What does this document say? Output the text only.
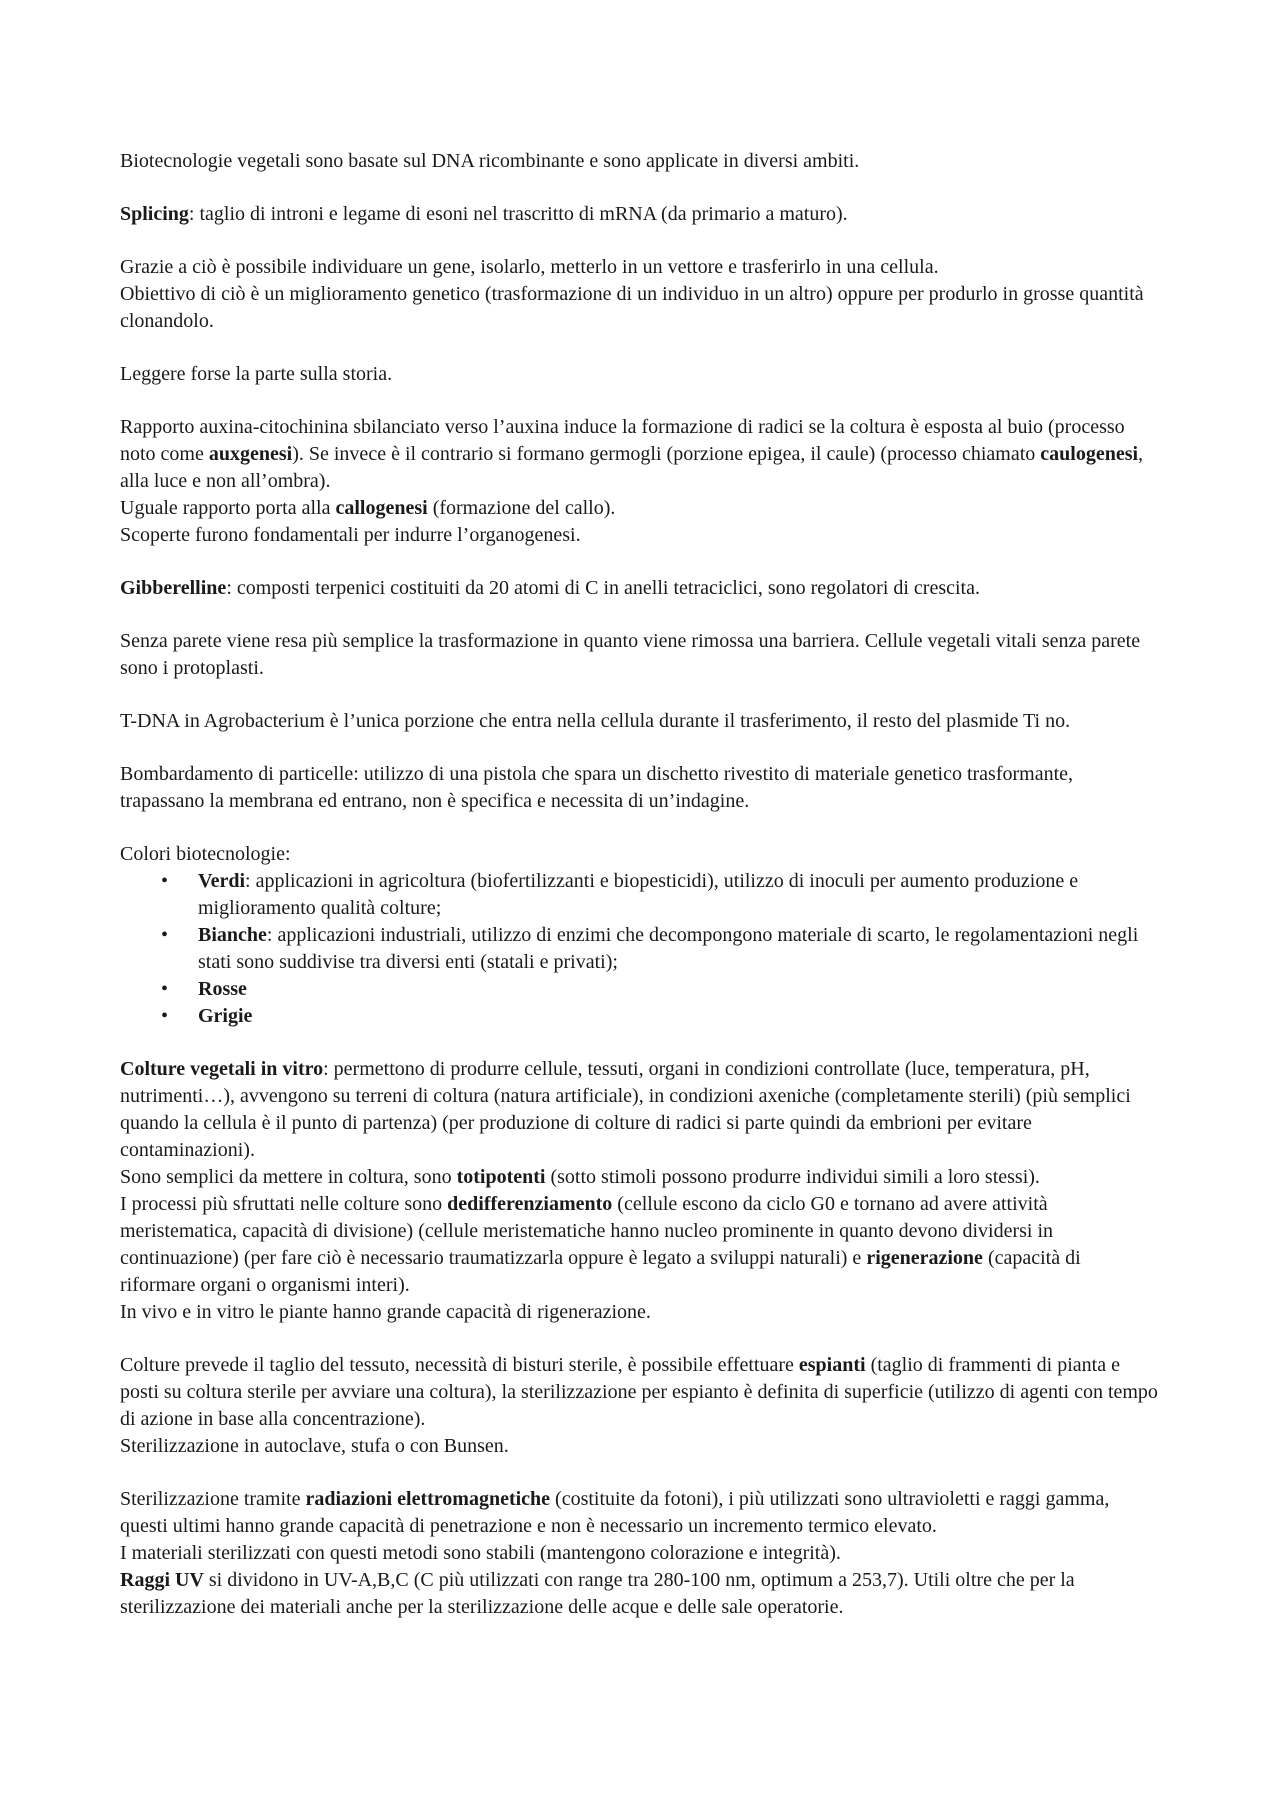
Biotecnologie vegetali sono basate sul DNA ricombinante e sono applicate in diversi ambiti.

Splicing: taglio di introni e legame di esoni nel trascritto di mRNA (da primario a maturo).

Grazie a ciò è possibile individuare un gene, isolarlo, metterlo in un vettore e trasferirlo in una cellula.
Obiettivo di ciò è un miglioramento genetico (trasformazione di un individuo in un altro) oppure per produrlo in grosse quantità clonandolo.

Leggere forse la parte sulla storia.

Rapporto auxina-citochinina sbilanciato verso l’auxina induce la formazione di radici se la coltura è esposta al buio (processo noto come auxgenesi). Se invece è il contrario si formano germogli (porzione epigea, il caule) (processo chiamato caulogenesi, alla luce e non all’ombra).
Uguale rapporto porta alla callogenesi (formazione del callo).
Scoperte furono fondamentali per indurre l’organogenesi.

Gibberelline: composti terpenici costituiti da 20 atomi di C in anelli tetraciclici, sono regolatori di crescita.

Senza parete viene resa più semplice la trasformazione in quanto viene rimossa una barriera. Cellule vegetali vitali senza parete sono i protoplasti.

T-DNA in Agrobacterium è l’unica porzione che entra nella cellula durante il trasferimento, il resto del plasmide Ti no.

Bombardamento di particelle: utilizzo di una pistola che spara un dischetto rivestito di materiale genetico trasformante, trapassano la membrana ed entrano, non è specifica e necessita di un’indagine.

Colori biotecnologie:

• Verdi: applicazioni in agricoltura (biofertilizzanti e biopesticidi), utilizzo di inoculi per aumento produzione e miglioramento qualità colture;
• Bianche: applicazioni industriali, utilizzo di enzimi che decompongono materiale di scarto, le regolamentazioni negli stati sono suddivise tra diversi enti (statali e privati);
• Rosse
• Grigie

Colture vegetali in vitro: permettono di produrre cellule, tessuti, organi in condizioni controllate (luce, temperatura, pH, nutrimenti…), avvengono su terreni di coltura (natura artificiale), in condizioni axeniche (completamente sterili) (più semplici quando la cellula è il punto di partenza) (per produzione di colture di radici si parte quindi da embrioni per evitare contaminazioni).
Sono semplici da mettere in coltura, sono totipotenti (sotto stimoli possono produrre individui simili a loro stessi).
I processi più sfruttati nelle colture sono dedifferenziamento (cellule escono da ciclo G0 e tornano ad avere attività meristematica, capacità di divisione) (cellule meristematiche hanno nucleo prominente in quanto devono dividersi in continuazione) (per fare ciò è necessario traumatizzarla oppure è legato a sviluppi naturali) e rigenerazione (capacità di riformare organi o organismi interi).
In vivo e in vitro le piante hanno grande capacità di rigenerazione.

Colture prevede il taglio del tessuto, necessità di bisturi sterile, è possibile effettuare espianti (taglio di frammenti di pianta e posti su coltura sterile per avviare una coltura), la sterilizzazione per espianto è definita di superficie (utilizzo di agenti con tempo di azione in base alla concentrazione).
Sterilizzazione in autoclave, stufa o con Bunsen.

Sterilizzazione tramite radiazioni elettromagnetiche (costituite da fotoni), i più utilizzati sono ultravioletti e raggi gamma, questi ultimi hanno grande capacità di penetrazione e non è necessario un incremento termico elevato.
I materiali sterilizzati con questi metodi sono stabili (mantengono colorazione e integrità).
Raggi UV si dividono in UV-A,B,C (C più utilizzati con range tra 280-100 nm, optimum a 253,7). Utili oltre che per la sterilizzazione dei materiali anche per la sterilizzazione delle acque e delle sale operatorie.
